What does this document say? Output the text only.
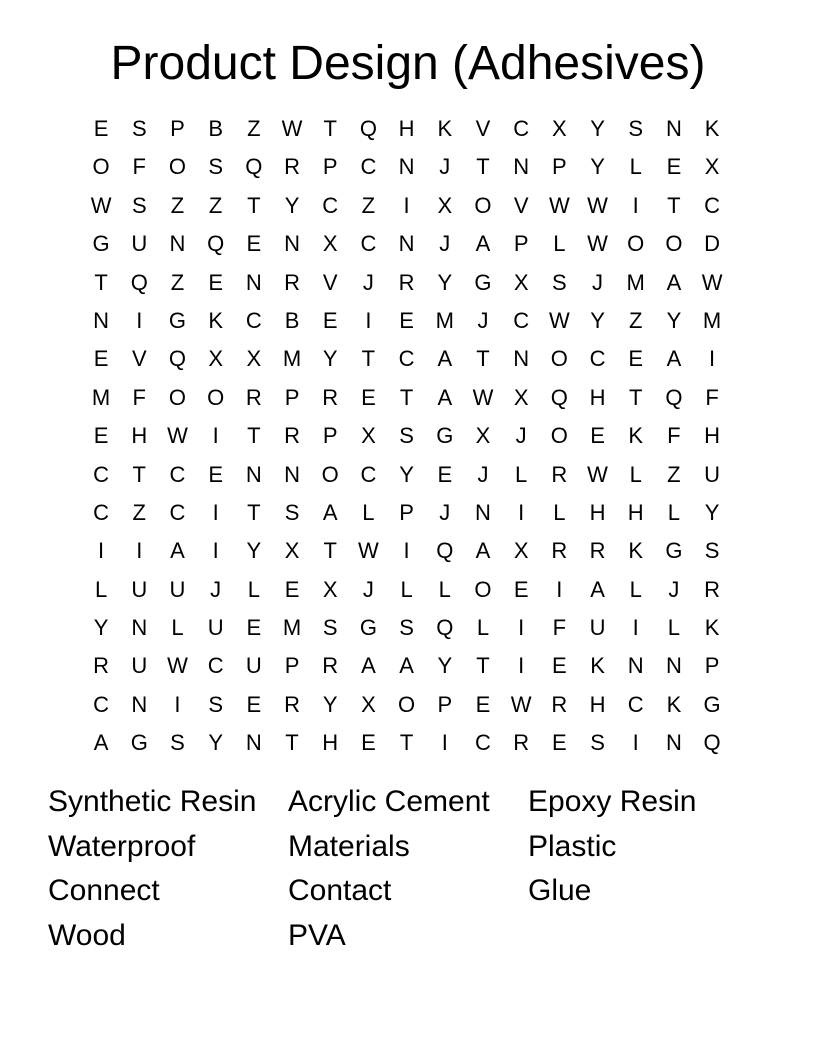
Product Design (Adhesives)
E	S	P	B	Z W T	Q H	K	V	C	X	Y	S	N	K
O	F	O	S	Q R	P	C	N	J	T	N	P	Y	L	E	X
W S	Z	Z	T	Y	C	Z	I	X	O	V W W	I	T	C
G U	N Q	E	N	X	C	N	J	A	P	L W O O D
T	Q	Z	E	N	R	V	J	R	Y	G	X	S	J	M A W
N	I	G	K	C	B	E	I	E M	J	C W Y	Z	Y M
E	V	Q	X	X M Y	T	C	A	T	N O C	E	A	I
M	F	O O R	P	R	E	T	A W X	Q H	T	Q	F
E	H W	I	T	R	P	X	S	G	X	J	O	E	K	F	H
C	T	C	E	N	N O C	Y	E	J	L	R W L	Z	U
C	Z	C	I	T	S	A	L	P	J	N	I	L	H	H	L	Y
I	I	A	I	Y	X	T W	I	Q	A	X	R	R	K	G	S
L	U	U	J	L	E	X	J	L	L	O	E	I	A	L	J	R
Y	N	L	U	E M S	G	S	Q	L	I	F	U	I	L	K
R	U W C	U	P	R	A	A	Y	T	I	E	K	N	N	P
C	N	I	S	E	R	Y	X	O	P	E W R	H	C	K	G
A	G	S	Y	N	T	H	E	T	I	C	R	E	S	I	N Q
Synthetic Resin	Acrylic Cement	Epoxy Resin
Waterproof	Materials	Plastic
Connect	Contact	Glue
Wood	PVA
